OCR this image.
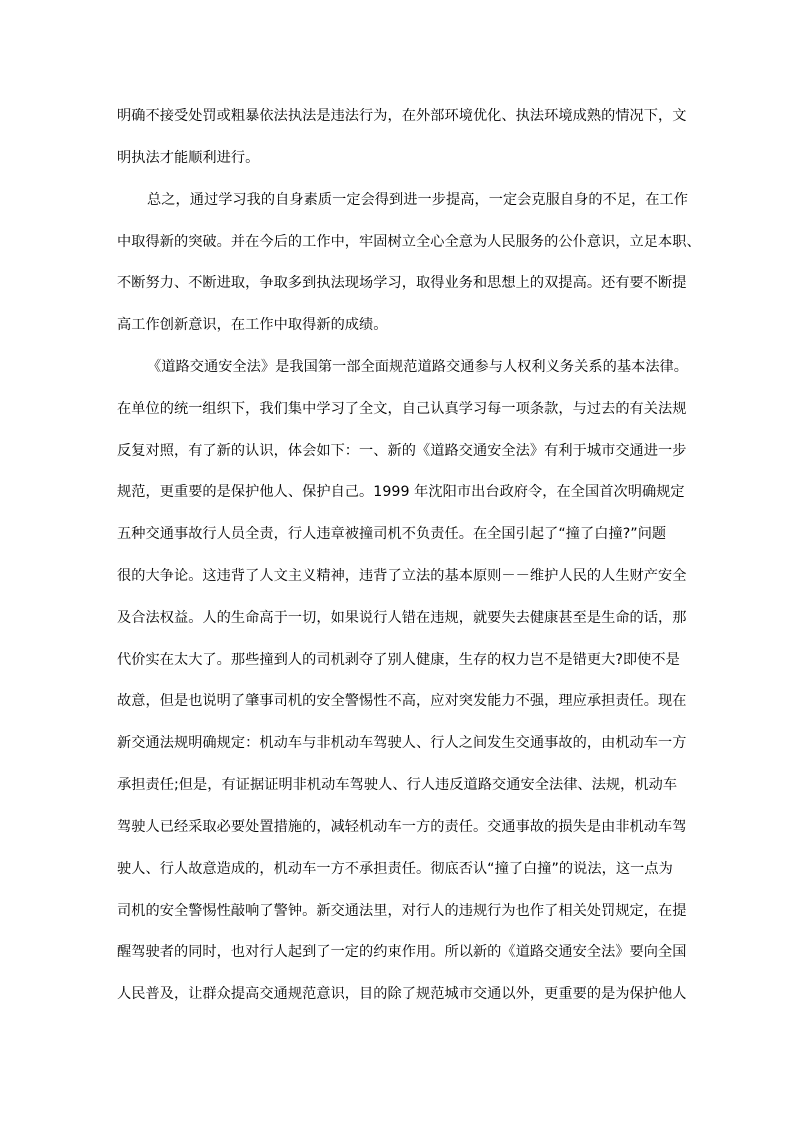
明确不接受处罚或粗暴依法执法是违法行为，在外部环境优化、执法环境成熟的情况下，文
明执法才能顺利进行。
总之，通过学习我的自身素质一定会得到进一步提高，一定会克服自身的不足，在工作
中取得新的突破。并在今后的工作中，牢固树立全心全意为人民服务的公仆意识，立足本职、
不断努力、不断进取，争取多到执法现场学习，取得业务和思想上的双提高。还有要不断提
高工作创新意识，在工作中取得新的成绩。
《道路交通安全法》是我国第一部全面规范道路交通参与人权利义务关系的基本法律。
在单位的统一组织下，我们集中学习了全文，自己认真学习每一项条款，与过去的有关法规
反复对照，有了新的认识，体会如下：一、新的《道路交通安全法》有利于城市交通进一步
规范，更重要的是保护他人、保护自己。1999 年沈阳市出台政府令，在全国首次明确规定
五种交通事故行人员全责，行人违章被撞司机不负责任。在全国引起了“撞了白撞?”问题
很的大争论。这违背了人文主义精神，违背了立法的基本原则－－维护人民的人生财产安全
及合法权益。人的生命高于一切，如果说行人错在违规，就要失去健康甚至是生命的话，那
代价实在太大了。那些撞到人的司机剥夺了别人健康，生存的权力岂不是错更大?即使不是
故意，但是也说明了肇事司机的安全警惕性不高，应对突发能力不强，理应承担责任。现在
新交通法规明确规定：机动车与非机动车驾驶人、行人之间发生交通事故的，由机动车一方
承担责任;但是，有证据证明非机动车驾驶人、行人违反道路交通安全法律、法规，机动车
驾驶人已经采取必要处置措施的，减轻机动车一方的责任。交通事故的损失是由非机动车驾
驶人、行人故意造成的，机动车一方不承担责任。彻底否认“撞了白撞”的说法，这一点为
司机的安全警惕性敲响了警钟。新交通法里，对行人的违规行为也作了相关处罚规定，在提
醒驾驶者的同时，也对行人起到了一定的约束作用。所以新的《道路交通安全法》要向全国
人民普及，让群众提高交通规范意识，目的除了规范城市交通以外，更重要的是为保护他人
